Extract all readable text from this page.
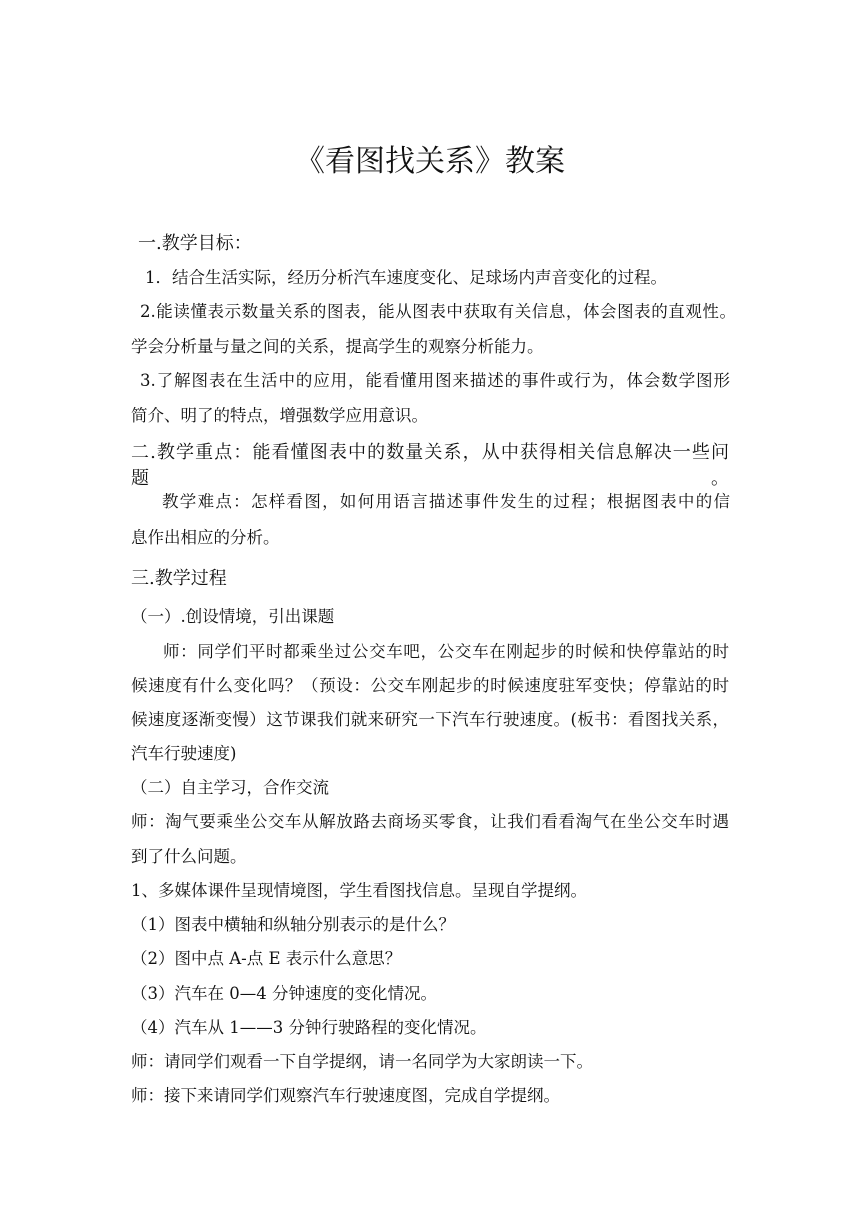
《看图找关系》教案
一.教学目标：
1．结合生活实际，经历分析汽车速度变化、足球场内声音变化的过程。
2.能读懂表示数量关系的图表，能从图表中获取有关信息，体会图表的直观性。
学会分析量与量之间的关系，提高学生的观察分析能力。
3.了解图表在生活中的应用，能看懂用图来描述的事件或行为，体会数学图形
简介、明了的特点，增强数学应用意识。
二.教学重点：能看懂图表中的数量关系，从中获得相关信息解决一些问题。
教学难点：怎样看图，如何用语言描述事件发生的过程；根据图表中的信
息作出相应的分析。
三.教学过程
（一）.创设情境，引出课题
师：同学们平时都乘坐过公交车吧，公交车在刚起步的时候和快停靠站的时
候速度有什么变化吗？（预设：公交车刚起步的时候速度驻军变快；停靠站的时
候速度逐渐变慢）这节课我们就来研究一下汽车行驶速度。(板书：看图找关系，
汽车行驶速度)
（二）自主学习，合作交流
师：淘气要乘坐公交车从解放路去商场买零食，让我们看看淘气在坐公交车时遇
到了什么问题。
1、多媒体课件呈现情境图，学生看图找信息。呈现自学提纲。
（1）图表中横轴和纵轴分别表示的是什么？
（2）图中点 A-点 E 表示什么意思？
（3）汽车在 0—4 分钟速度的变化情况。
（4）汽车从 1——3 分钟行驶路程的变化情况。
师：请同学们观看一下自学提纲，请一名同学为大家朗读一下。
师：接下来请同学们观察汽车行驶速度图，完成自学提纲。
